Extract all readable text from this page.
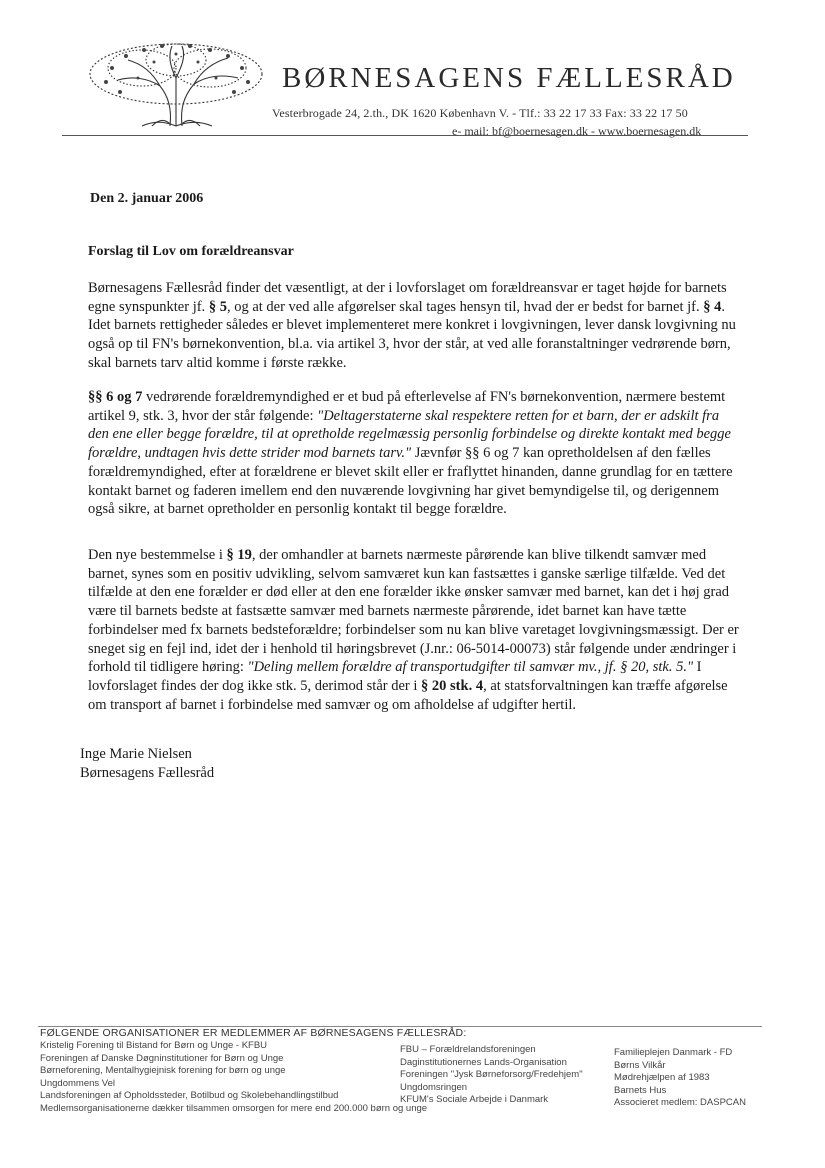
BØRNESAGENS FÆLLESRÅD
Vesterbrogade 24, 2.th., DK 1620 København V. - Tlf.: 33 22 17 33 Fax: 33 22 17 50
e- mail: bf@boernesagen.dk - www.boernesagen.dk
Den 2. januar 2006
Forslag til Lov om forældreansvar

Børnesagens Fællesråd finder det væsentligt, at der i lovforslaget om forældreansvar er taget højde for barnets egne synspunkter jf. § 5, og at der ved alle afgørelser skal tages hensyn til, hvad der er bedst for barnet jf. § 4. Idet barnets rettigheder således er blevet implementeret mere konkret i lovgivningen, lever dansk lovgivning nu også op til FN's børnekonvention, bl.a. via artikel 3, hvor der står, at ved alle foranstaltninger vedrørende børn, skal barnets tarv altid komme i første række.

§§ 6 og 7 vedrørende forældremyndighed er et bud på efterlevelse af FN's børnekonvention, nærmere bestemt artikel 9, stk. 3, hvor der står følgende: "Deltagerstaterne skal respektere retten for et barn, der er adskilt fra den ene eller begge forældre, til at opretholde regelmæssig personlig forbindelse og direkte kontakt med begge forældre, undtagen hvis dette strider mod barnets tarv." Jævnfør §§ 6 og 7 kan opretholdelsen af den fælles forældremyndighed, efter at forældrene er blevet skilt eller er fraflyttet hinanden, danne grundlag for en tættere kontakt barnet og faderen imellem end den nuværende lovgivning har givet bemyndigelse til, og derigennem også sikre, at barnet opretholder en personlig kontakt til begge forældre.

Den nye bestemmelse i § 19, der omhandler at barnets nærmeste pårørende kan blive tilkendt samvær med barnet, synes som en positiv udvikling, selvom samværet kun kan fastsættes i ganske særlige tilfælde. Ved det tilfælde at den ene forælder er død eller at den ene forælder ikke ønsker samvær med barnet, kan det i høj grad være til barnets bedste at fastsætte samvær med barnets nærmeste pårørende, idet barnet kan have tætte forbindelser med fx barnets bedsteforældre; forbindelser som nu kan blive varetaget lovgivningsmæssigt. Der er sneget sig en fejl ind, idet der i henhold til høringsbrevet (J.nr.: 06-5014-00073) står følgende under ændringer i forhold til tidligere høring: "Deling mellem forældre af transportudgifter til samvær mv., jf. § 20, stk. 5." I lovforslaget findes der dog ikke stk. 5, derimod står der i § 20 stk. 4, at statsforvaltningen kan træffe afgørelse om transport af barnet i forbindelse med samvær og om afholdelse af udgifter hertil.

Inge Marie Nielsen
Børnesagens Fællesråd
FØLGENDE ORGANISATIONER ER MEDLEMMER AF BØRNESAGENS FÆLLESRÅD:
Kristelig Forening til Bistand for Børn og Unge - KFBU
Foreningen af Danske Døgninstitutioner for Børn og Unge
Børneforening, Mentalhygiejnisk forening for børn og unge
Ungdommens Vel
Landsforeningen af Opholdssteder, Botilbud og Skolebehandlingstilbud
Medlemsorganisationerne dækker tilsammen omsorgen for mere end 200.000 børn og unge
FBU – Forældrelandsforeningen
Daginstitutionernes Lands-Organisation
Foreningen "Jysk Børneforsorg/Fredehjem"
Ungdomsringen
KFUM's Sociale Arbejde i Danmark
Familieplejen Danmark - FD
Børns Vilkår
Mødrehjælpen af 1983
Barnets Hus
Associeret medlem: DASPCAN
